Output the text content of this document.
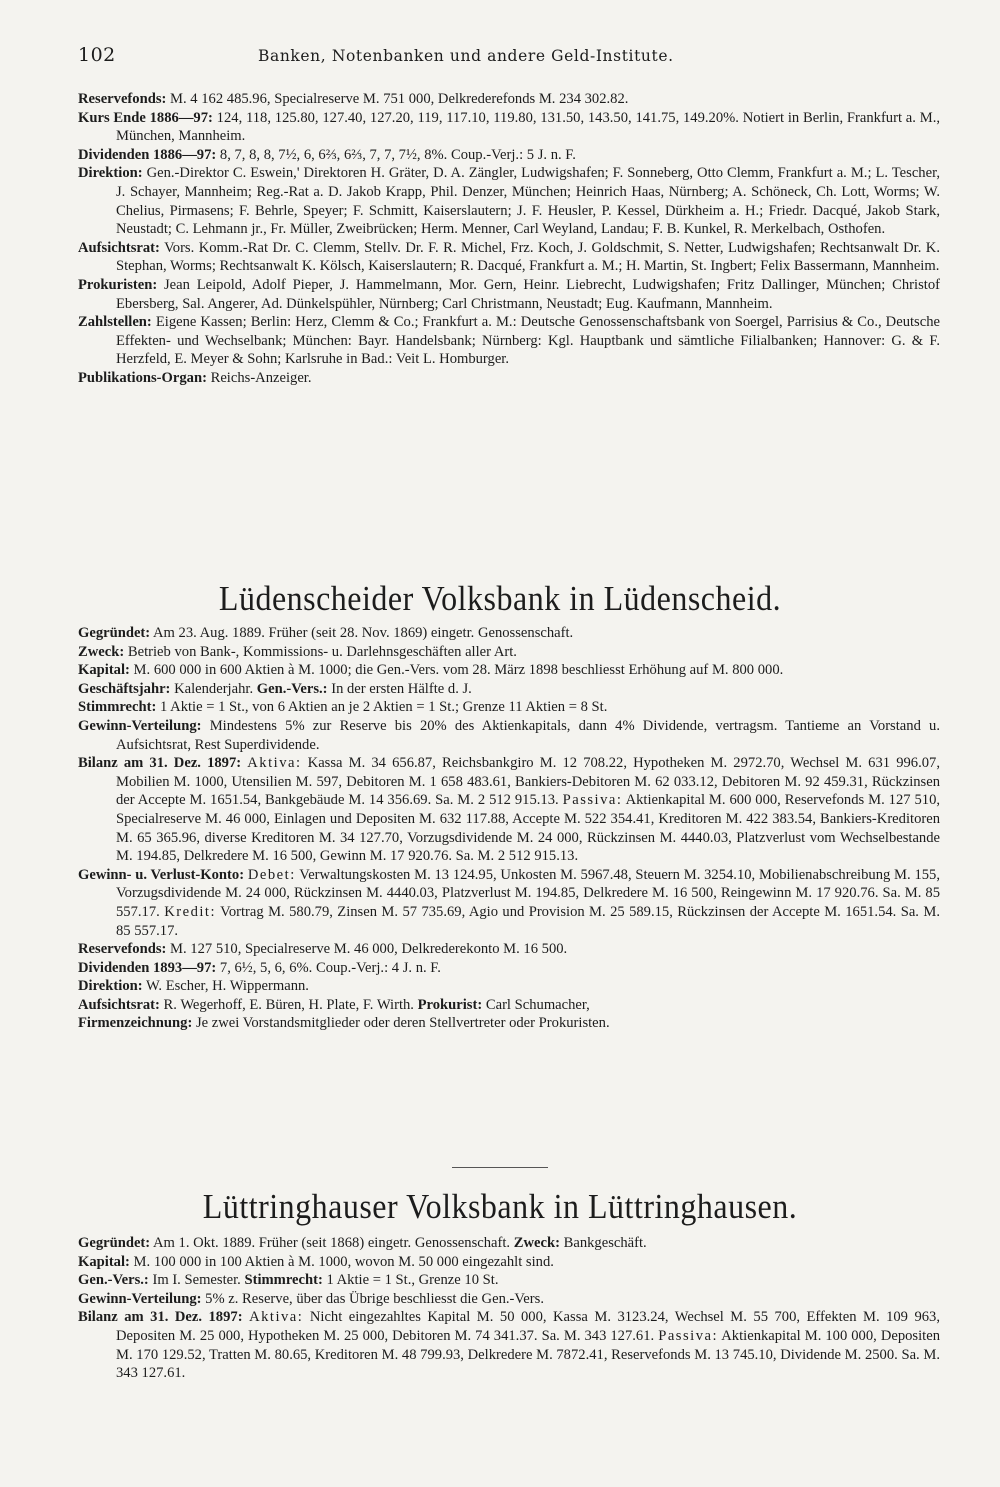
102	Banken, Notenbanken und andere Geld-Institute.

Reservefonds: M. 4 162 485.96, Specialreserve M. 751 000, Delkrederefonds M. 234 302.82.

Kurs Ende 1886—97: 124, 118, 125.80, 127.40, 127.20, 119, 117.10, 119.80, 131.50, 143.50, 141.75, 149.20%. Notiert in Berlin, Frankfurt a. M., München, Mannheim.

Dividenden 1886—97: 8, 7, 8, 8, 7½, 6, 6⅔, 6⅔, 7, 7, 7½, 8%. Coup.-Verj.: 5 J. n. F.

Direktion: Gen.-Direktor C. Eswein,' Direktoren H. Gräter, D. A. Zängler, Ludwigshafen; F. Sonneberg, Otto Clemm, Frankfurt a. M.; L. Tescher, J. Schayer, Mannheim; Reg.-Rat a. D. Jakob Krapp, Phil. Denzer, München; Heinrich Haas, Nürnberg; A. Schöneck, Ch. Lott, Worms; W. Chelius, Pirmasens; F. Behrle, Speyer; F. Schmitt, Kaiserslautern; J. F. Heusler, P. Kessel, Dürkheim a. H.; Friedr. Dacqué, Jakob Stark, Neustadt; C. Lehmann jr., Fr. Müller, Zweibrücken; Herm. Menner, Carl Weyland, Landau; F. B. Kunkel, R. Merkelbach, Osthofen.

Aufsichtsrat: Vors. Komm.-Rat Dr. C. Clemm, Stellv. Dr. F. R. Michel, Frz. Koch, J. Goldschmit, S. Netter, Ludwigshafen; Rechtsanwalt Dr. K. Stephan, Worms; Rechtsanwalt K. Kölsch, Kaiserslautern; R. Dacqué, Frankfurt a. M.; H. Martin, St. Ingbert; Felix Bassermann, Mannheim.

Prokuristen: Jean Leipold, Adolf Pieper, J. Hammelmann, Mor. Gern, Heinr. Liebrecht, Ludwigshafen; Fritz Dallinger, München; Christof Ebersberg, Sal. Angerer, Ad. Dünkelspühler, Nürnberg; Carl Christmann, Neustadt; Eug. Kaufmann, Mannheim.

Zahlstellen: Eigene Kassen; Berlin: Herz, Clemm & Co.; Frankfurt a. M.: Deutsche Genossenschaftsbank von Soergel, Parrisius & Co., Deutsche Effekten- und Wechselbank; München: Bayr. Handelsbank; Nürnberg: Kgl. Hauptbank und sämtliche Filialbanken; Hannover: G. & F. Herzfeld, E. Meyer & Sohn; Karlsruhe in Bad.: Veit L. Homburger.

Publikations-Organ: Reichs-Anzeiger.

Lüdenscheider Volksbank in Lüdenscheid.

Gegründet: Am 23. Aug. 1889. Früher (seit 28. Nov. 1869) eingetr. Genossenschaft.

Zweck: Betrieb von Bank-, Kommissions- u. Darlehnsgeschäften aller Art.

Kapital: M. 600 000 in 600 Aktien à M. 1000; die Gen.-Vers. vom 28. März 1898 beschliesst Erhöhung auf M. 800 000.

Geschäftsjahr: Kalenderjahr. Gen.-Vers.: In der ersten Hälfte d. J.

Stimmrecht: 1 Aktie = 1 St., von 6 Aktien an je 2 Aktien = 1 St.; Grenze 11 Aktien = 8 St.

Gewinn-Verteilung: Mindestens 5% zur Reserve bis 20% des Aktienkapitals, dann 4% Dividende, vertragsm. Tantieme an Vorstand u. Aufsichtsrat, Rest Superdividende.

Bilanz am 31. Dez. 1897: Aktiva: Kassa M. 34 656.87, Reichsbankgiro M. 12 708.22, Hypotheken M. 2972.70, Wechsel M. 631 996.07, Mobilien M. 1000, Utensilien M. 597, Debitoren M. 1 658 483.61, Bankiers-Debitoren M. 62 033.12, Debitoren M. 92 459.31, Rückzinsen der Accepte M. 1651.54, Bankgebäude M. 14 356.69. Sa. M. 2 512 915.13. Passiva: Aktienkapital M. 600 000, Reservefonds M. 127 510, Specialreserve M. 46 000, Einlagen und Depositen M. 632 117.88, Accepte M. 522 354.41, Kreditoren M. 422 383.54, Bankiers-Kreditoren M. 65 365.96, diverse Kreditoren M. 34 127.70, Vorzugsdividende M. 24 000, Rückzinsen M. 4440.03, Platzverlust vom Wechselbestande M. 194.85, Delkredere M. 16 500, Gewinn M. 17 920.76. Sa. M. 2 512 915.13.

Gewinn- u. Verlust-Konto: Debet: Verwaltungskosten M. 13 124.95, Unkosten M. 5967.48, Steuern M. 3254.10, Mobilienabschreibung M. 155, Vorzugsdividende M. 24 000, Rückzinsen M. 4440.03, Platzverlust M. 194.85, Delkredere M. 16 500, Reingewinn M. 17 920.76. Sa. M. 85 557.17. Kredit: Vortrag M. 580.79, Zinsen M. 57 735.69, Agio und Provision M. 25 589.15, Rückzinsen der Accepte M. 1651.54. Sa. M. 85 557.17.

Reservefonds: M. 127 510, Specialreserve M. 46 000, Delkrederekonto M. 16 500.

Dividenden 1893—97: 7, 6½, 5, 6, 6%. Coup.-Verj.: 4 J. n. F.

Direktion: W. Escher, H. Wippermann.

Aufsichtsrat: R. Wegerhoff, E. Büren, H. Plate, F. Wirth. Prokurist: Carl Schumacher,

Firmenzeichnung: Je zwei Vorstandsmitglieder oder deren Stellvertreter oder Prokuristen.

Lüttringhauser Volksbank in Lüttringhausen.

Gegründet: Am 1. Okt. 1889. Früher (seit 1868) eingetr. Genossenschaft. Zweck: Bankgeschäft.

Kapital: M. 100 000 in 100 Aktien à M. 1000, wovon M. 50 000 eingezahlt sind.

Gen.-Vers.: Im I. Semester. Stimmrecht: 1 Aktie = 1 St., Grenze 10 St.

Gewinn-Verteilung: 5% z. Reserve, über das Übrige beschliesst die Gen.-Vers.

Bilanz am 31. Dez. 1897: Aktiva: Nicht eingezahltes Kapital M. 50 000, Kassa M. 3123.24, Wechsel M. 55 700, Effekten M. 109 963, Depositen M. 25 000, Hypotheken M. 25 000, Debitoren M. 74 341.37. Sa. M. 343 127.61. Passiva: Aktienkapital M. 100 000, Depositen M. 170 129.52, Tratten M. 80.65, Kreditoren M. 48 799.93, Delkredere M. 7872.41, Reservefonds M. 13 745.10, Dividende M. 2500. Sa. M. 343 127.61.
